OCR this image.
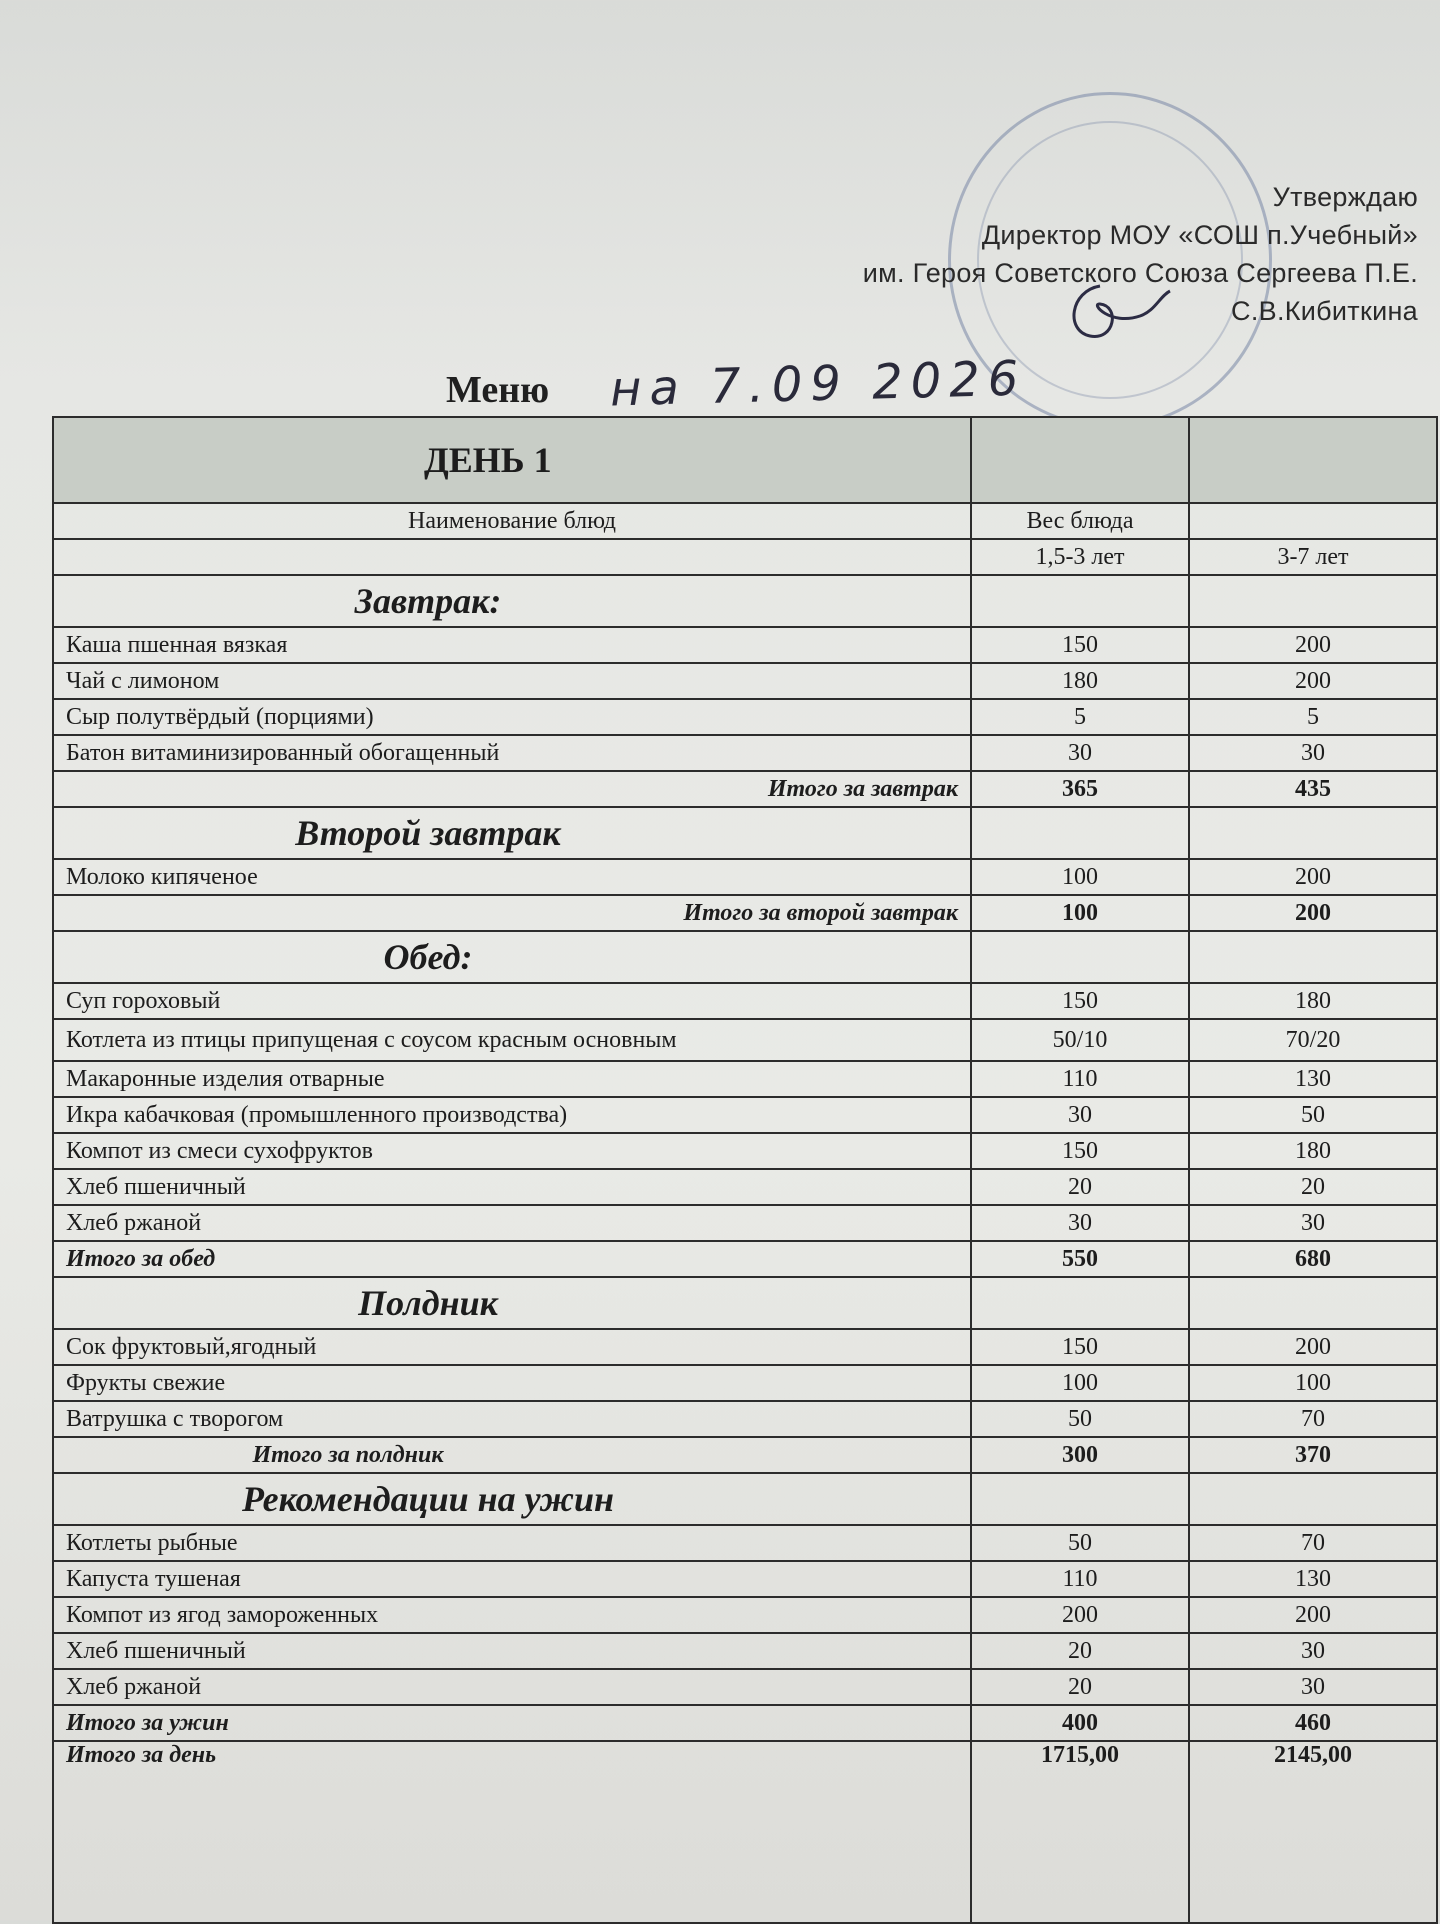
Утверждаю
Директор МОУ «СОШ п.Учебный»
им. Героя Советского Союза Сергеева П.Е.
С.В.Кибиткина
Меню на 7.09 2026
ДЕНЬ 1		
Наименование блюд	Вес блюда	
	1,5-3 лет	3-7 лет
Завтрак:		
Каша пшенная вязкая	150	200
Чай с лимоном	180	200
Сыр полутвёрдый (порциями)	5	5
Батон витаминизированный обогащенный	30	30
Итого за завтрак	365	435
Второй завтрак		
Молоко кипяченое	100	200
Итого за второй завтрак	100	200
Обед:		
Суп гороховый	150	180
Котлета из птицы припущеная с соусом красным основным	50/10	70/20
Макаронные изделия отварные	110	130
Икра кабачковая (промышленного производства)	30	50
Компот из смеси сухофруктов	150	180
Хлеб пшеничный	20	20
Хлеб ржаной	30	30
Итого за обед	550	680
Полдник		
Сок фруктовый,ягодный	150	200
Фрукты свежие	100	100
Ватрушка с творогом	50	70
Итого за полдник	300	370
Рекомендации на ужин		
Котлеты рыбные	50	70
Капуста тушеная	110	130
Компот из ягод замороженных	200	200
Хлеб пшеничный	20	30
Хлеб ржаной	20	30
Итого за ужин	400	460
Итого за день	1715,00	2145,00
